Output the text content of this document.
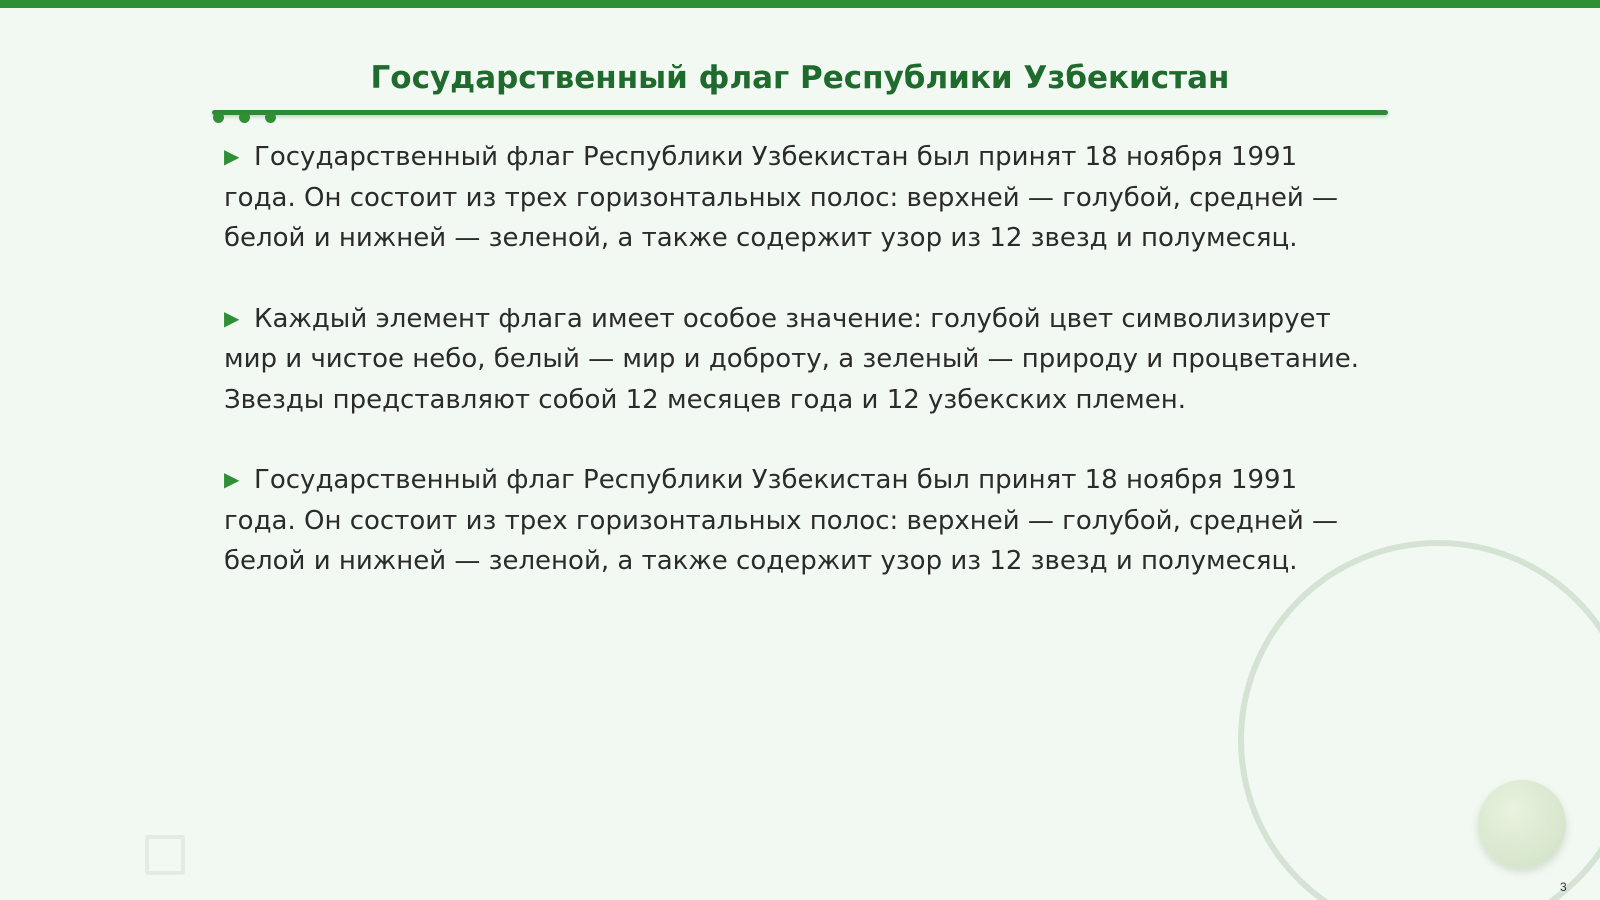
Государственный флаг Республики Узбекистан

▶ Государственный флаг Республики Узбекистан был принят 18 ноября 1991 года. Он состоит из трех горизонтальных полос: верхней — голубой, средней — белой и нижней — зеленой, а также содержит узор из 12 звезд и полумесяц.

▶ Каждый элемент флага имеет особое значение: голубой цвет символизирует мир и чистое небо, белый — мир и доброту, а зеленый — природу и процветание. Звезды представляют собой 12 месяцев года и 12 узбекских племен.

▶ Государственный флаг Республики Узбекистан был принят 18 ноября 1991 года. Он состоит из трех горизонтальных полос: верхней — голубой, средней — белой и нижней — зеленой, а также содержит узор из 12 звезд и полумесяц.

3
